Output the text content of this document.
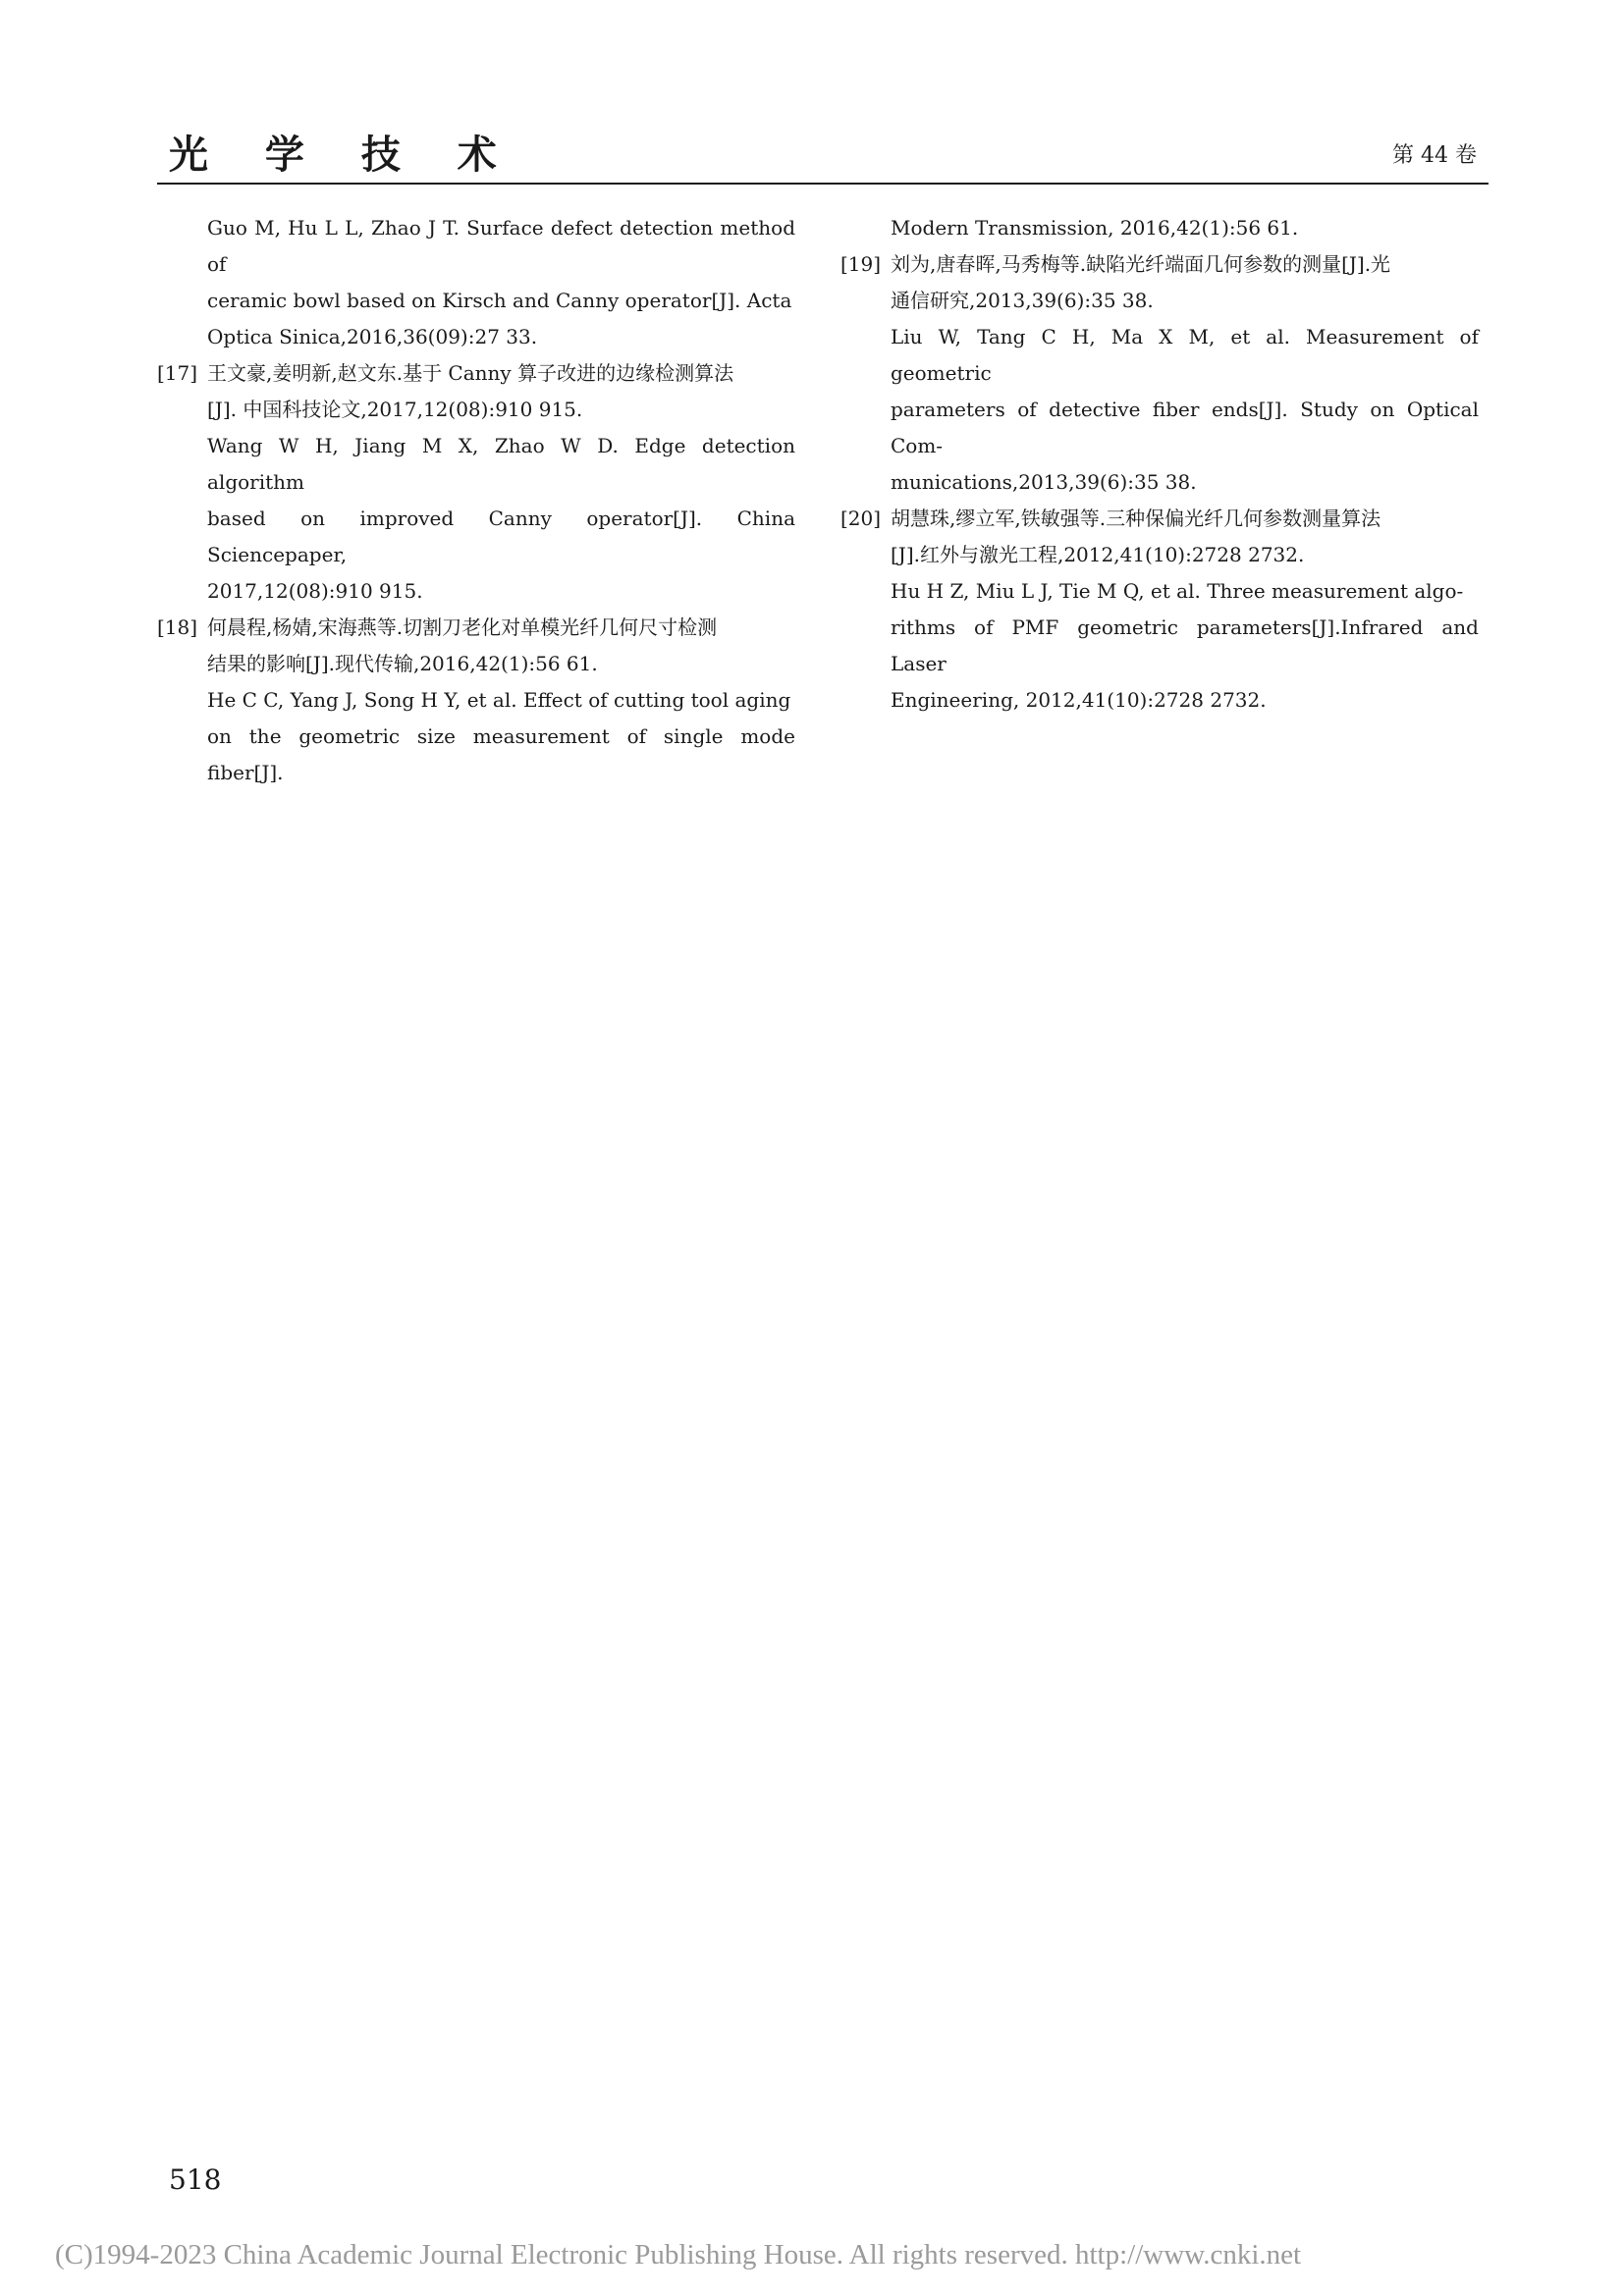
光 学 技 术	第 44 卷

Guo M, Hu L L, Zhao J T. Surface defect detection method of

ceramic bowl based on Kirsch and Canny operator[J]. Acta

Optica Sinica,2016,36(09):27 33.

[17] 王文豪,姜明新,赵文东.基于 Canny 算子改进的边缘检测算法

[J]. 中国科技论文,2017,12(08):910 915.

Wang W H, Jiang M X, Zhao W D. Edge detection algorithm

based on improved Canny operator[J]. China Sciencepaper,

2017,12(08):910 915.

[18] 何晨程,杨婧,宋海燕等.切割刀老化对单模光纤几何尺寸检测

结果的影响[J].现代传输,2016,42(1):56 61.

He C C, Yang J, Song H Y, et al. Effect of cutting tool aging

on the geometric size measurement of single mode fiber[J].

Modern Transmission, 2016,42(1):56 61.

[19] 刘为,唐春晖,马秀梅等.缺陷光纤端面几何参数的测量[J].光

通信研究,2013,39(6):35 38.

Liu W, Tang C H, Ma X M, et al. Measurement of geometric

parameters of detective fiber ends[J]. Study on Optical Com-

munications,2013,39(6):35 38.

[20] 胡慧珠,缪立军,铁敏强等.三种保偏光纤几何参数测量算法

[J].红外与激光工程,2012,41(10):2728 2732.

Hu H Z, Miu L J, Tie M Q, et al. Three measurement algo-

rithms of PMF geometric parameters[J].Infrared and Laser

Engineering, 2012,41(10):2728 2732.

518
(C)1994-2023 China Academic Journal Electronic Publishing House. All rights reserved. http://www.cnki.net
